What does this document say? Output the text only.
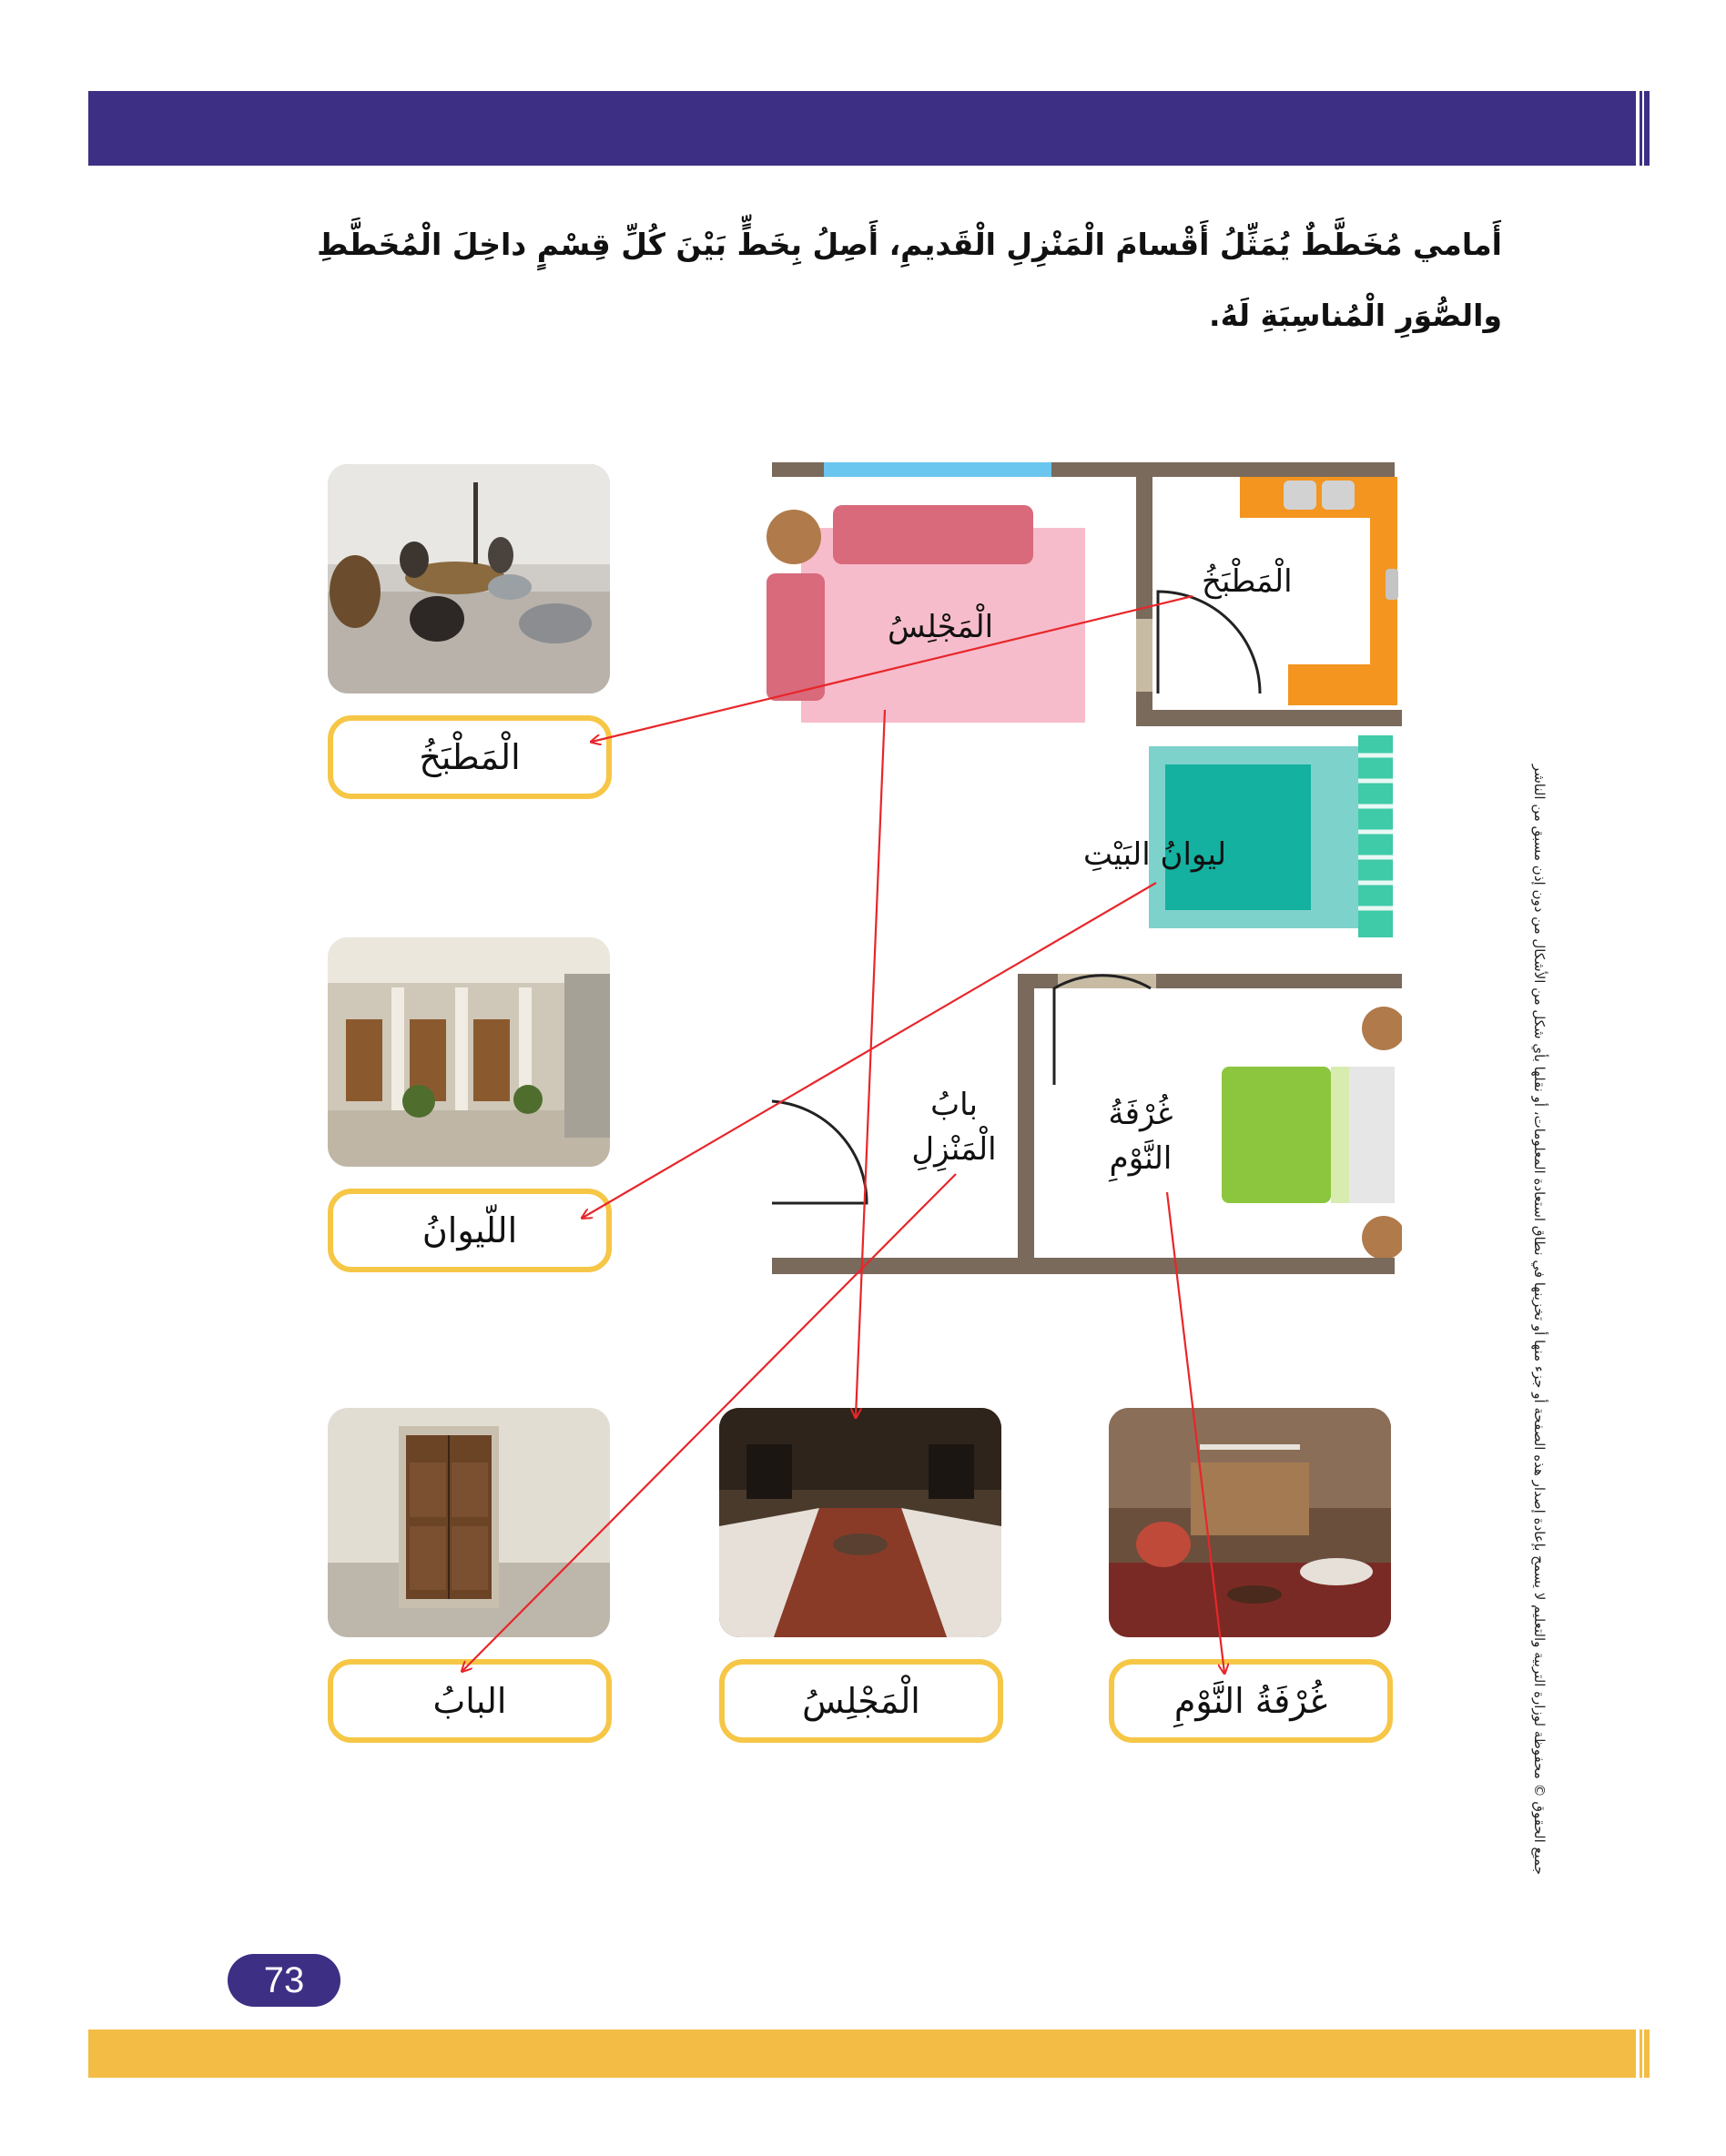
أَمامي مُخَطَّطٌ يُمَثِّلُ أَقْسامَ الْمَنْزِلِ الْقَديمِ، أَصِلُ بِخَطٍّ بَيْنَ كُلِّ قِسْمٍ داخِلَ الْمُخَطَّطِ والصُّوَرِ الْمُناسِبَةِ لَهُ.
الْمَطْبَخُ
اللّيوانُ
البابُ	الْمَجْلِسُ	غُرْفَةُ النَّوْمِ
الْمَجْلِسُ
الْمَطْبَخُ
ليوانُ البَيْتِ
بابُ
الْمَنْزِلِ
غُرْفَةُ
النَّوْمِ	جميع الحقوق © محفوظة لوزارة التربية والتعليم لا يسمح بإعادة إصدار هذه الصفحة أو جزء منها أو تخزينها في نطاق استعادة المعلومات، أو نقلها بأي شكل من الأشكال من دون إذن مسبق من الناشر
73
